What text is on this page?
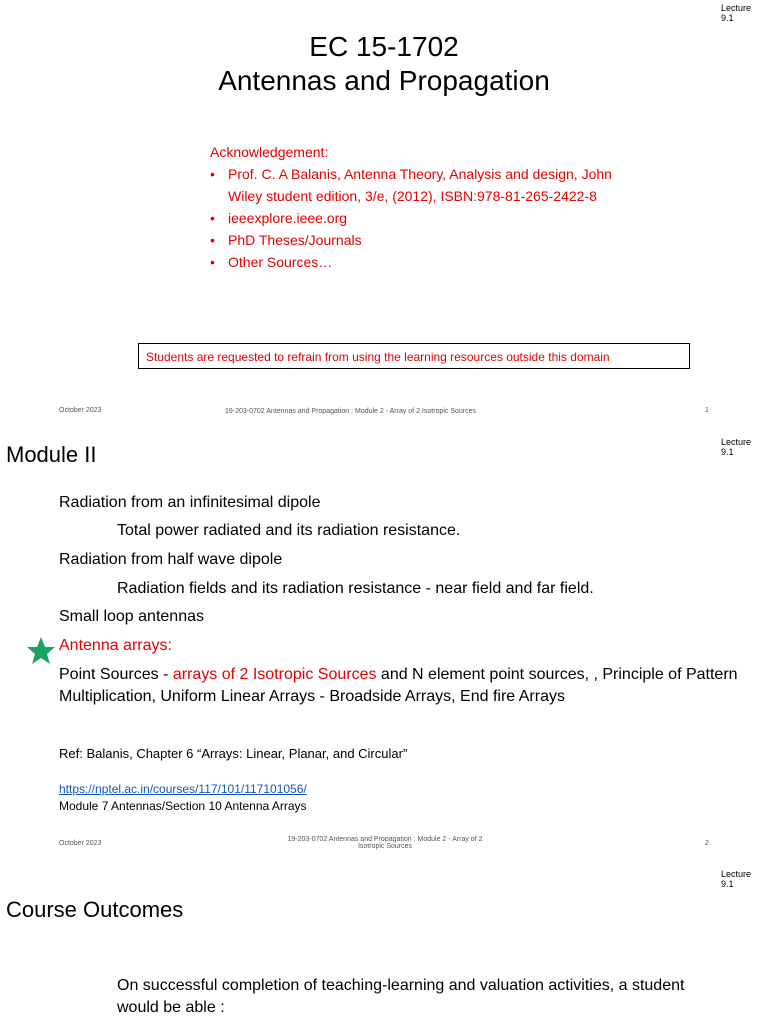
Lecture
9.1
EC 15-1702
Antennas and Propagation
Acknowledgement:
• Prof. C. A Balanis, Antenna Theory, Analysis and design, John Wiley student edition, 3/e, (2012), ISBN:978-81-265-2422-8
• ieeexplore.ieee.org
• PhD Theses/Journals
• Other Sources…
Students are requested to refrain from using the learning resources outside this domain
October 2023	19-203-0702 Antennas and Propagation : Module 2 - Array of 2 Isotropic Sources	1
Lecture
9.1
Module II
Radiation from an infinitesimal dipole
Total power radiated and its radiation resistance.
Radiation from half wave dipole
Radiation fields and its radiation resistance - near field and far field.
Small loop antennas
Antenna arrays:
Point Sources - arrays of 2 Isotropic Sources and N element point sources, , Principle of Pattern Multiplication, Uniform Linear Arrays - Broadside Arrays, End fire Arrays
Ref: Balanis, Chapter 6 “Arrays: Linear, Planar, and Circular”
https://nptel.ac.in/courses/117/101/117101056/
Module 7 Antennas/Section 10 Antenna Arrays
October 2023
19-203-0702 Antennas and Propagation : Module 2 - Array of 2
Isotropic Sources	2
Lecture
9.1
Course Outcomes
On successful completion of teaching-learning and valuation activities, a student would be able :
